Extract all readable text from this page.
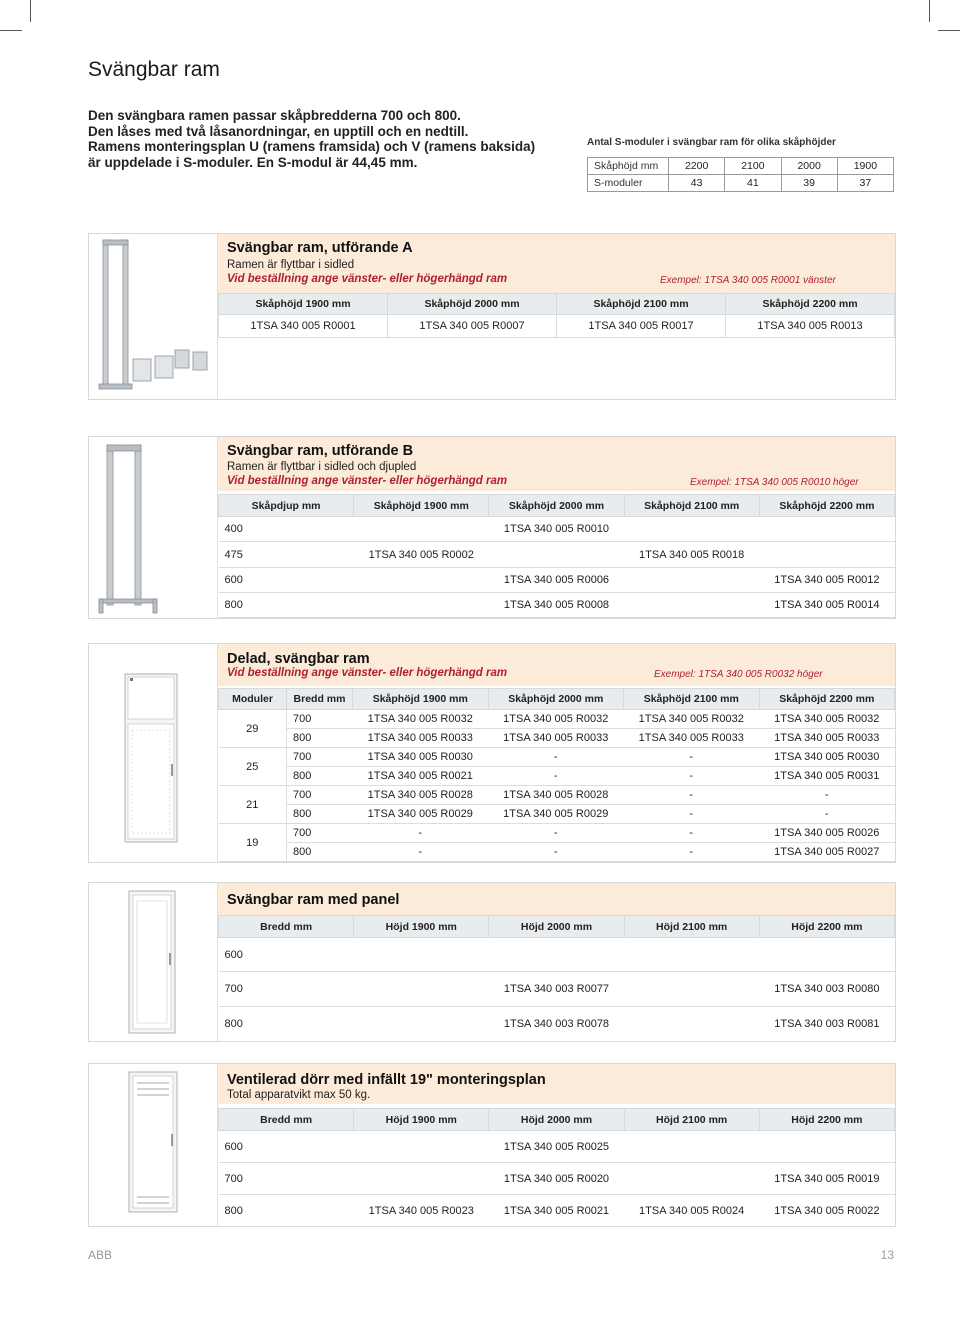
Svängbar ram
Den svängbara ramen passar skåpbredderna 700 och 800.
Den låses med två låsanordningar, en upptill och en nedtill.
Ramens monteringsplan U (ramens framsida) och V (ramens baksida)
är uppdelade i S-moduler. En S-modul är 44,45 mm.
Antal S-moduler i svängbar ram för olika skåphöjder
Skåphöjd mm	2200	2100	2000	1900
S-moduler	43	41	39	37
Svängbar ram, utförande A
Ramen är flyttbar i sidled
Vid beställning ange vänster- eller högerhängd ram	Exempel: 1TSA 340 005 R0001 vänster
Skåphöjd 1900 mm	Skåphöjd 2000 mm	Skåphöjd 2100 mm	Skåphöjd 2200 mm
1TSA 340 005 R0001	1TSA 340 005 R0007	1TSA 340 005 R0017	1TSA 340 005 R0013
Svängbar ram, utförande B
Ramen är flyttbar i sidled och djupled
Vid beställning ange vänster- eller högerhängd ram	Exempel: 1TSA 340 005 R0010 höger
Skåpdjup mm	Skåphöjd 1900 mm	Skåphöjd 2000 mm	Skåphöjd 2100 mm	Skåphöjd 2200 mm
400		1TSA 340 005 R0010		
475	1TSA 340 005 R0002		1TSA 340 005 R0018	
600		1TSA 340 005 R0006		1TSA 340 005 R0012
800		1TSA 340 005 R0008		1TSA 340 005 R0014
Delad, svängbar ram
Vid beställning ange vänster- eller högerhängd ram	Exempel: 1TSA 340 005 R0032 höger
Moduler	Bredd mm	Skåphöjd 1900 mm	Skåphöjd 2000 mm	Skåphöjd 2100 mm	Skåphöjd 2200 mm
29	700	1TSA 340 005 R0032	1TSA 340 005 R0032	1TSA 340 005 R0032	1TSA 340 005 R0032
	800	1TSA 340 005 R0033	1TSA 340 005 R0033	1TSA 340 005 R0033	1TSA 340 005 R0033
25	700	1TSA 340 005 R0030	-	-	1TSA 340 005 R0030
	800	1TSA 340 005 R0021	-	-	1TSA 340 005 R0031
21	700	1TSA 340 005 R0028	1TSA 340 005 R0028	-	-
	800	1TSA 340 005 R0029	1TSA 340 005 R0029	-	-
19	700	-	-	-	1TSA 340 005 R0026
	800	-	-	-	1TSA 340 005 R0027
Svängbar ram med panel
Bredd mm	Höjd 1900 mm	Höjd 2000 mm	Höjd 2100 mm	Höjd 2200 mm
600				
700		1TSA 340 003 R0077		1TSA 340 003 R0080
800		1TSA 340 003 R0078		1TSA 340 003 R0081
Ventilerad dörr med infällt 19" monteringsplan
Total apparatvikt max 50 kg.
Bredd mm	Höjd 1900 mm	Höjd 2000 mm	Höjd 2100 mm	Höjd 2200 mm
600		1TSA 340 005 R0025		
700		1TSA 340 005 R0020		1TSA 340 005 R0019
800	1TSA 340 005 R0023	1TSA 340 005 R0021	1TSA 340 005 R0024	1TSA 340 005 R0022
ABB	13
